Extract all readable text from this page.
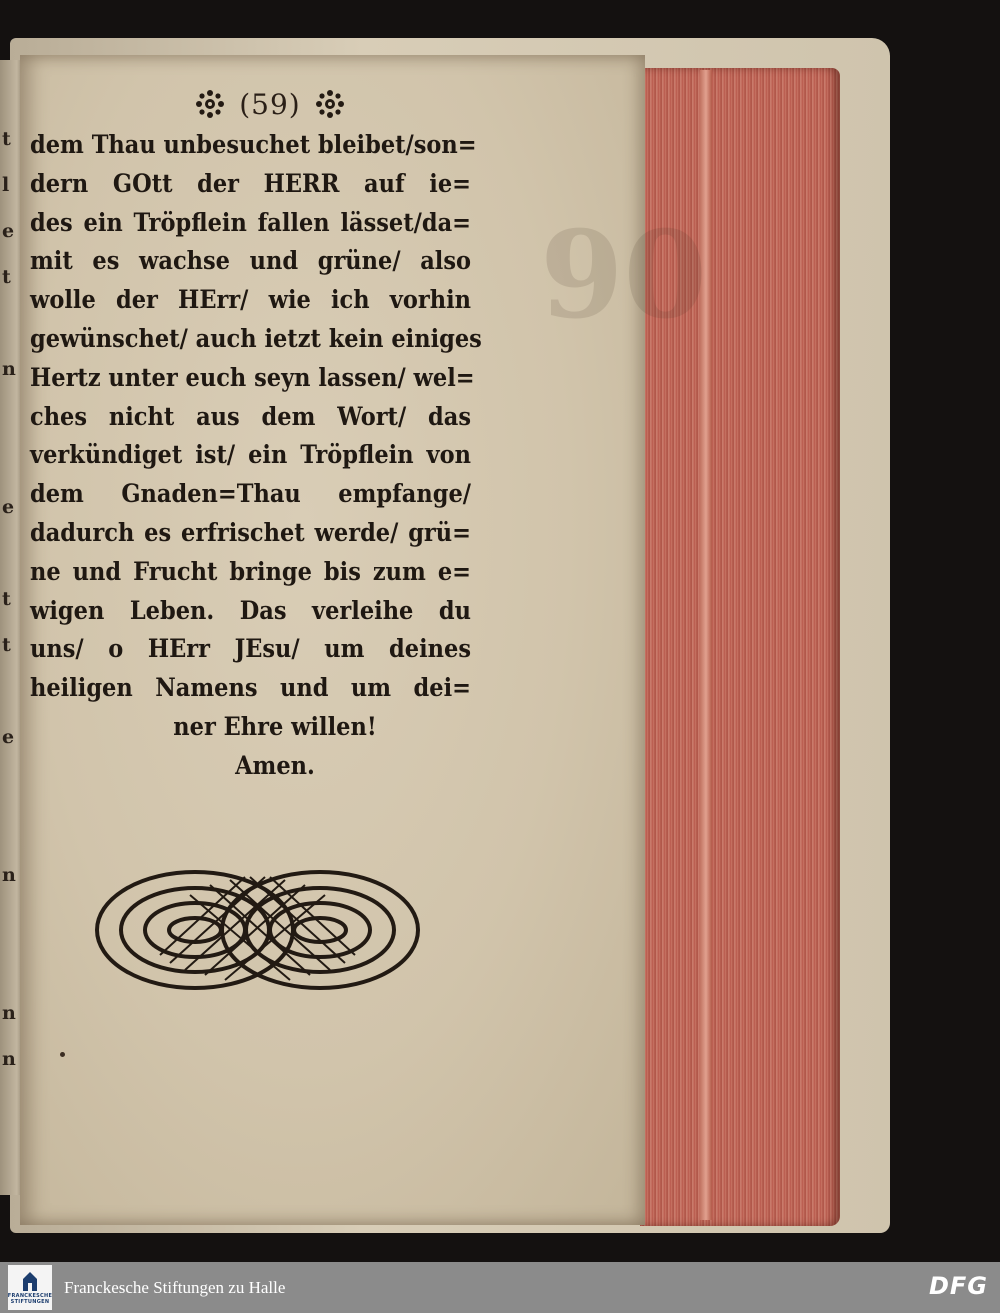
t
l
e
t
n
e
t
t
e
n
n
n
90
(59)
dem Thau unbesuchet bleibet/son=
dern GOtt der HERR auf ie=
des ein Tröpflein fallen lässet/da=
mit es wachse und grüne/ also
wolle der HErr/ wie ich vorhin
gewünschet/ auch ietzt kein einiges
Hertz unter euch seyn lassen/ wel=
ches nicht aus dem Wort/ das
verkündiget ist/ ein Tröpflein von
dem Gnaden=Thau empfange/
dadurch es erfrischet werde/ grü=
ne und Frucht bringe bis zum e=
wigen Leben. Das verleihe du
uns/ o HErr JEsu/ um deines
heiligen Namens und um dei=
ner Ehre willen!
Amen.
FRANCKESCHE
STIFTUNGEN
Franckesche Stiftungen zu Halle	DFG
